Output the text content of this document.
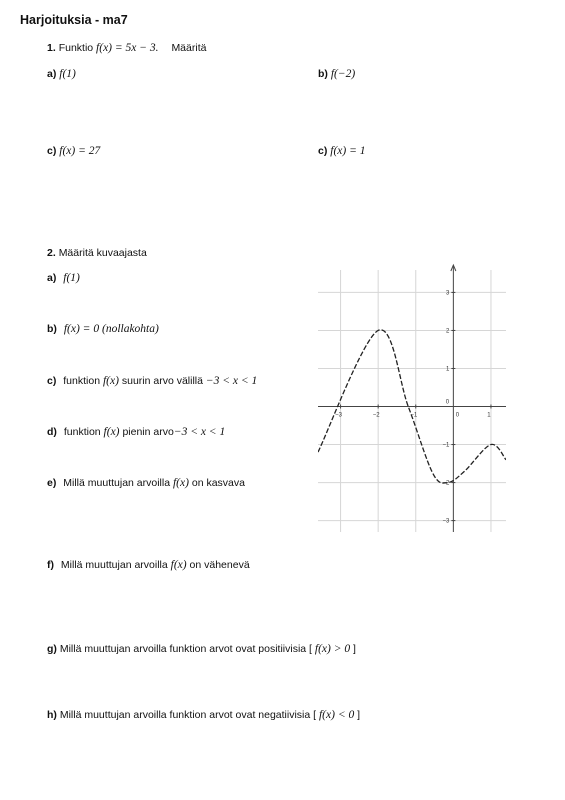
Harjoituksia - ma7
1. Funktio f(x) = 5x − 3. Määritä
a) f(1)	b) f(−2)
c) f(x) = 27	c) f(x) = 1
2. Määritä kuvaajasta
a) f(1)
b) f(x) = 0 (nollakohta)
c) funktion f(x) suurin arvo välillä −3 < x < 1
d) funktion f(x) pienin arvo−3 < x < 1
e) Millä muuttujan arvoilla f(x) on kasvava
f) Millä muuttujan arvoilla f(x) on vähenevä
g) Millä muuttujan arvoilla funktion arvot ovat positiivisia [ f(x) > 0 ]
h) Millä muuttujan arvoilla funktion arvot ovat negatiivisia [ f(x) < 0 ]
−3	−2	−1	0	1
3
2
1
0
−1
−2
−3
